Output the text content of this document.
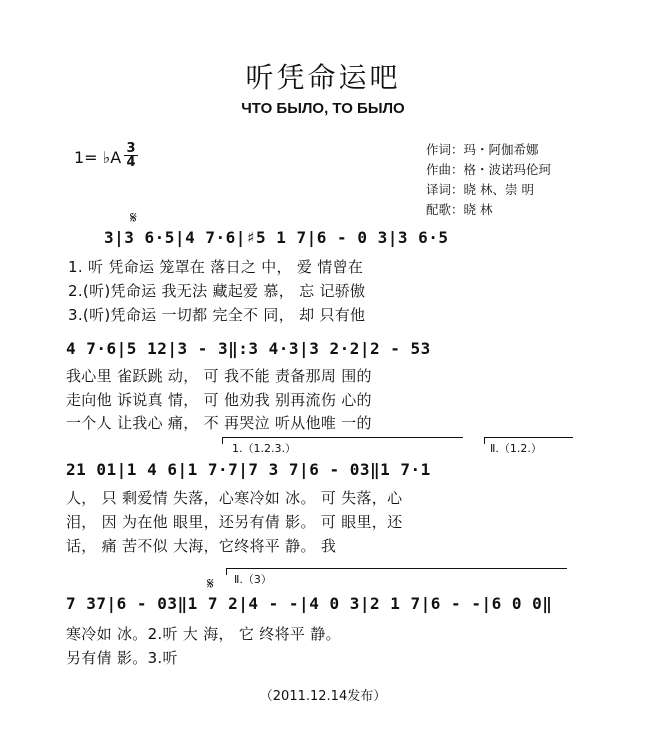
听凭命运吧
ЧТО БЫЛО, ТО БЫЛО
1= ♭A $\frac{3}{4}$	作词：玛・阿伽希娜
作曲：格・波诺玛伦珂
译词：晓 林、崇 明
配歌：晓 林
𝄋
3|3 6·5|4 7·6|♯5 1 7|6 - 0 3|3 6·5
1. 听 凭命运 笼罩在 落日之 中， 爱 情曾在
2.(听)凭命运 我无法 藏起爱 慕， 忘 记骄傲
3.(听)凭命运 一切都 完全不 同， 却 只有他
4 7·6|5 12|3 - 3‖:3 4·3|3 2·2|2 - 53
我心里 雀跃跳 动， 可 我不能 责备那周 围的
走向他 诉说真 情， 可 他劝我 别再流伤 心的
一个人 让我心 痛， 不 再哭泣 听从他唯 一的
1.（1.2.3.）	Ⅱ.（1.2.）
21 01|1 4 6|1 7·7|7 3 7|6 - 03‖1 7·1
人， 只 剩爱情 失落，心寒冷如 冰。 可 失落，心
泪， 因 为在他 眼里，还另有倩 影。 可 眼里，还
话， 痛 苦不似 大海，它终将平 静。 我
𝄋 Ⅱ.（3）
7 37|6 - 03‖1 7 2|4 - -|4 0 3|2 1 7|6 - -|6 0 0‖
寒冷如 冰。2.听 大 海， 它 终将平 静。
另有倩 影。3.听
（2011.12.14发布）
